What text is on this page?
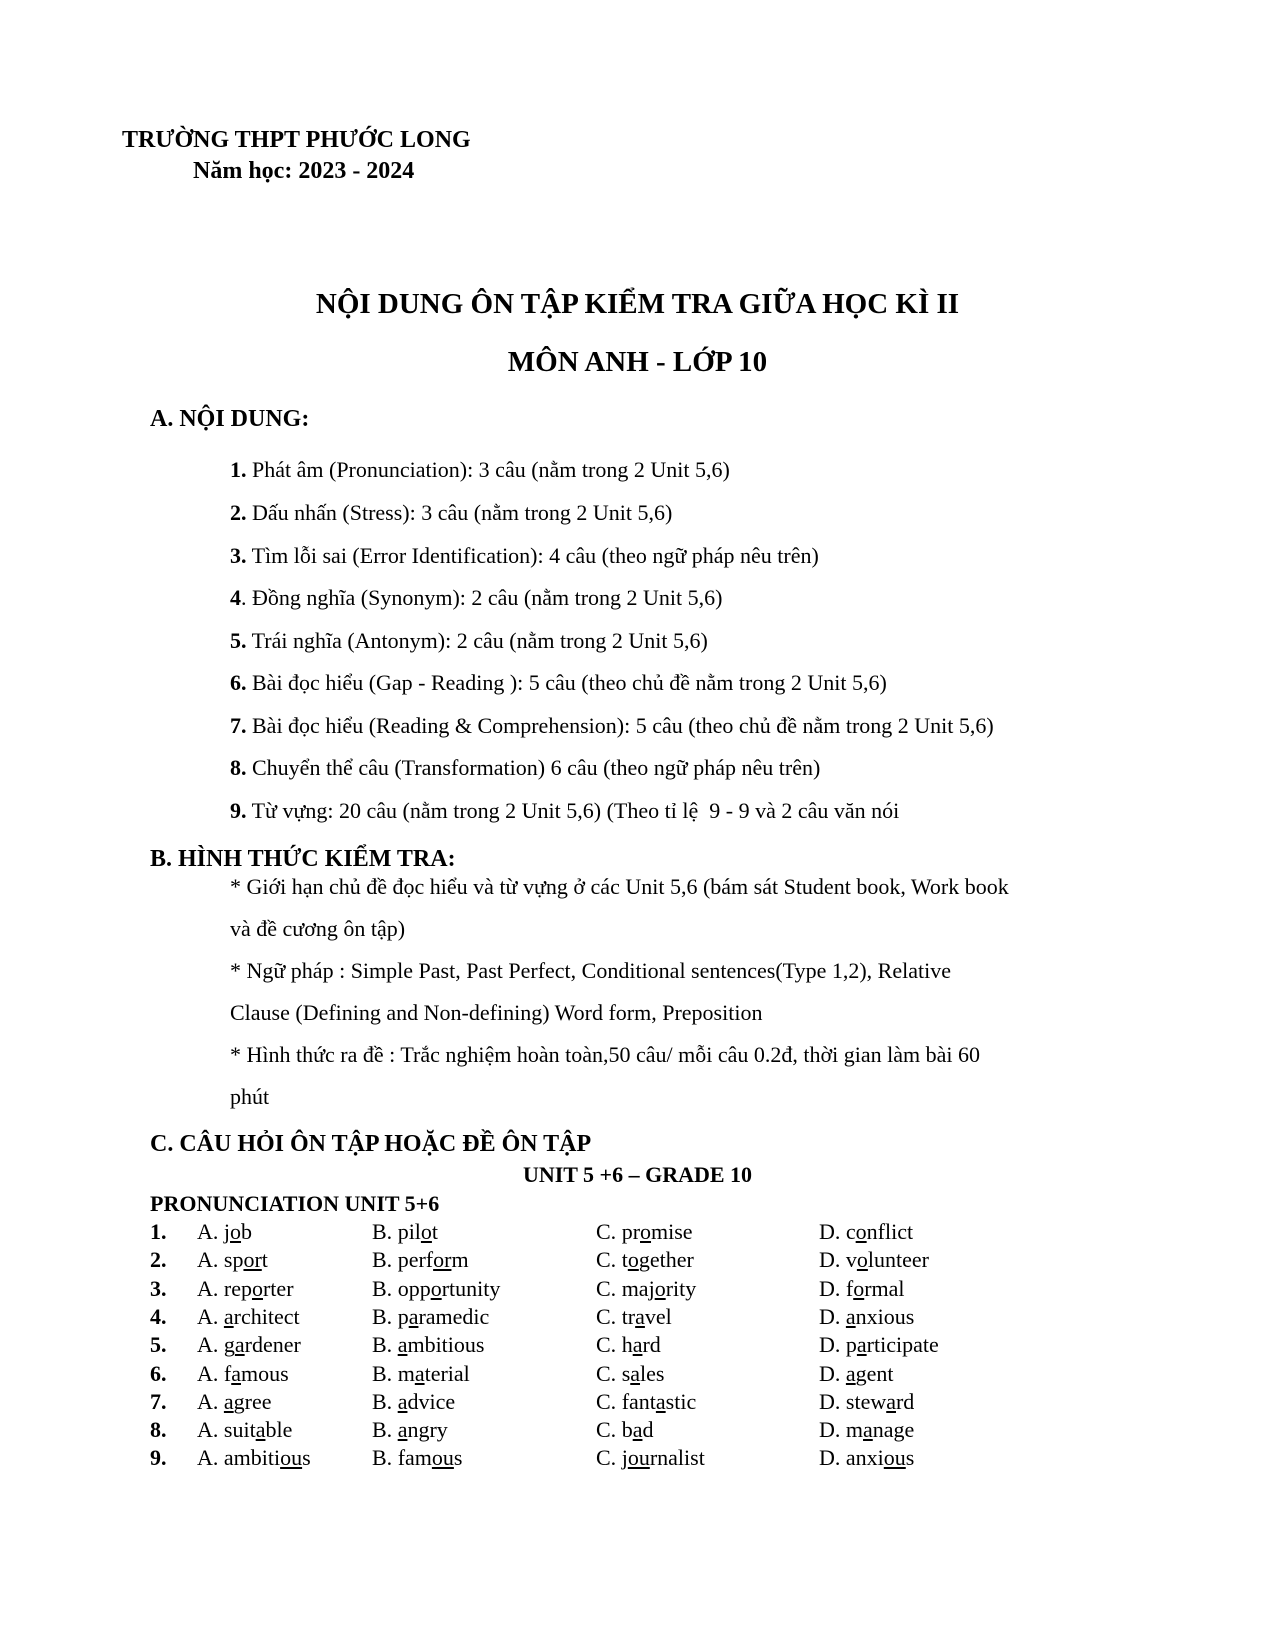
TRƯỜNG THPT PHƯỚC LONG
Năm học: 2023 - 2024
NỘI DUNG ÔN TẬP KIỂM TRA GIỮA HỌC KÌ II
MÔN ANH - LỚP 10
A. NỘI DUNG:
1. Phát âm (Pronunciation): 3 câu (nằm trong 2 Unit 5,6)
2. Dấu nhấn (Stress): 3 câu (nằm trong 2 Unit 5,6)
3. Tìm lỗi sai (Error Identification): 4 câu (theo ngữ pháp nêu trên)
4. Đồng nghĩa (Synonym): 2 câu (nằm trong 2 Unit 5,6)
5. Trái nghĩa (Antonym): 2 câu (nằm trong 2 Unit 5,6)
6. Bài đọc hiểu (Gap - Reading ): 5 câu (theo chủ đề nằm trong 2 Unit 5,6)
7. Bài đọc hiểu (Reading & Comprehension): 5 câu (theo chủ đề nằm trong 2 Unit 5,6)
8. Chuyển thể câu (Transformation) 6 câu (theo ngữ pháp nêu trên)
9. Từ vựng: 20 câu (nằm trong 2 Unit 5,6) (Theo tỉ lệ  9 - 9 và 2 câu văn nói
B. HÌNH THỨC KIỂM TRA:
* Giới hạn chủ đề đọc hiểu và từ vựng ở các Unit 5,6 (bám sát Student book, Work book
và đề cương ôn tập)
* Ngữ pháp : Simple Past, Past Perfect, Conditional sentences(Type 1,2), Relative
Clause (Defining and Non-defining) Word form, Preposition
* Hình thức ra đề : Trắc nghiệm hoàn toàn,50 câu/ mỗi câu 0.2đ, thời gian làm bài 60
phút
C. CÂU HỎI ÔN TẬP HOẶC ĐỀ ÔN TẬP
UNIT 5 +6 – GRADE 10
PRONUNCIATION UNIT 5+6
1. A. job	B. pilot	C. promise	D. conflict
2. A. sport	B. perform	C. together	D. volunteer
3. A. reporter	B. opportunity	C. majority	D. formal
4. A. architect	B. paramedic	C. travel	D. anxious
5. A. gardener	B. ambitious	C. hard	D. participate
6. A. famous	B. material	C. sales	D. agent
7. A. agree	B. advice	C. fantastic	D. steward
8. A. suitable	B. angry	C. bad	D. manage
9. A. ambitious	B. famous	C. journalist	D. anxious
